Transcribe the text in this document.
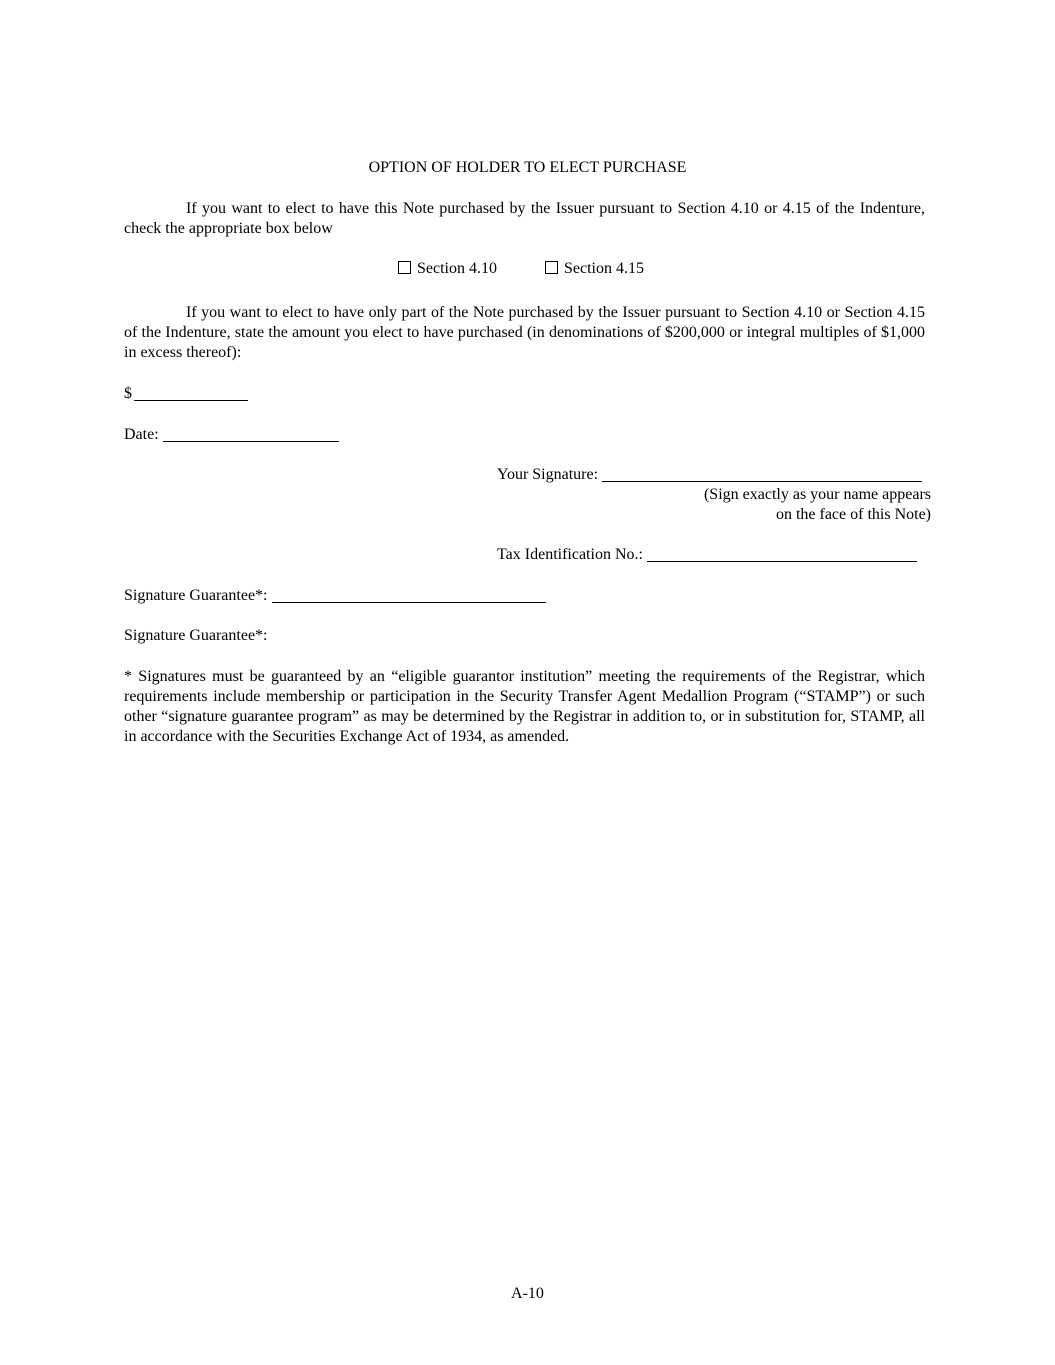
OPTION OF HOLDER TO ELECT PURCHASE

If you want to elect to have this Note purchased by the Issuer pursuant to Section 4.10 or 4.15 of the Indenture, check the appropriate box below

Section 4.10	Section 4.15

If you want to elect to have only part of the Note purchased by the Issuer pursuant to Section 4.10 or Section 4.15 of the Indenture, state the amount you elect to have purchased (in denominations of $200,000 or integral multiples of $1,000 in excess thereof):

$
Date:
Your Signature:
(Sign exactly as your name appears
on the face of this Note)
Tax Identification No.:
Signature Guarantee*:
Signature Guarantee*:

* Signatures must be guaranteed by an “eligible guarantor institution” meeting the requirements of the Registrar, which requirements include membership or participation in the Security Transfer Agent Medallion Program (“STAMP”) or such other “signature guarantee program” as may be determined by the Registrar in addition to, or in substitution for, STAMP, all in accordance with the Securities Exchange Act of 1934, as amended.

A-10
